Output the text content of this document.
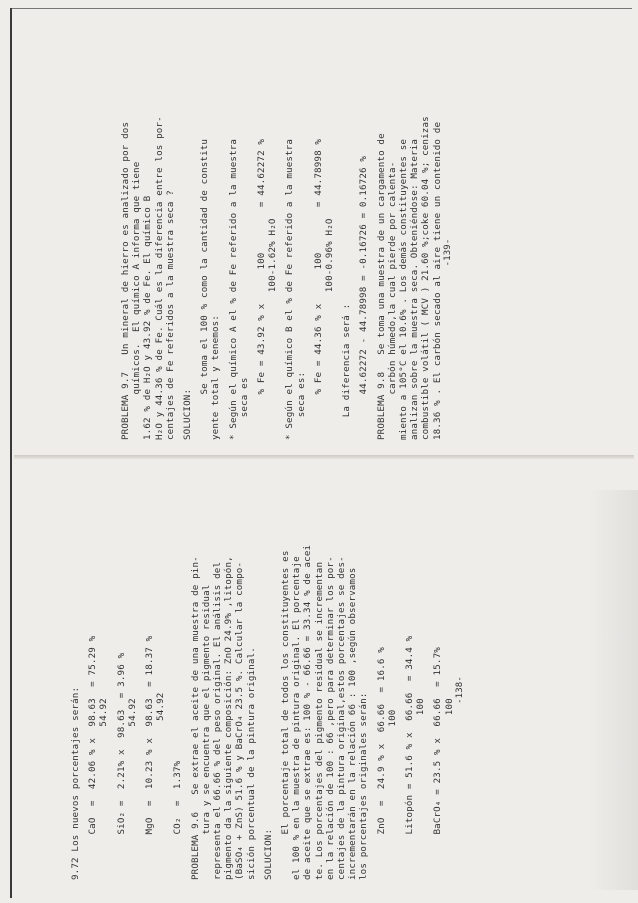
PROBLEMA 9.7   Un mineral de hierro es analizado por dos químicos.  El químico A informa que tiene 1.62 % de H₂O y 43.92 % de Fe. El químico B H₂O y 44.36 % de Fe. Cuál es la diferencia entre los por- centajes de Fe referidos a la muestra seca ? SOLUCION: Se toma el 100 % como la cantidad de constitu yente total y tenemos: * Según el químico A el % de Fe referido a la muestra seca es % Fe = 43.92 % x      100        = 44.62272 % 100-1.62% H₂O * Según el químico B el % de Fe referido a la muestra seca es: % Fe = 44.36 % x      100        = 44.78998 % 100-0.96% H₂O La diferencia será : 44.62272 - 44.78998 = -0.16726 = 0.16726 % PROBLEMA 9.8   Se toma una muestra de un cargamento de carbón húmedo,la cual pierde por calenta- miento a 105°C el 10.6% . Los demás constituyentes se analizan sobre la muestra seca. Obteniéndose: Materia combustible volátil ( MCV ) 21.60 %;coke 60.04 %; cenizas 18.36 % . El carbón secado al aire tiene un contenido de -139-
9.72 Los nuevos porcentajes serán: CaO  =  42.06 % x  98.63  = 75.29 % 54.92 SiO₂ =  2.21% x  98.63  = 3.96 % 54.92 MgO  =  10.23 % x  98.63  = 18.37 % 54.92 CO₂  =  1.37% PROBLEMA 9.6   Se extrae el aceite de una muestra de pin- tura y se encuentra que el pigmento residual representa el 66.66 % del peso original. El análisis del pigmento da la siguiente composición: ZnO 24.9% ,litopón, (BaSO₄ + ZnS) 51.6 % y BaCrO₄ 23.5 %. Calcular la compo- sición porcentual de la pintura original. SOLUCION: El porcentaje total de todos los constituyentes es el 100 % en la muestra de pintura original. El porcentaje de aceite que se extrae es: 100 % - 66.66 = 33.34 % de acei te. Los porcentajes del pigmento residual se incrementan en la relación de 100 : 66 ,pero para determinar los por- centajes de la pintura original,estos porcentajes se des- incrementarán en la relación 66 : 100 ,según observamos los porcentajes originales serán: ZnO  =  24.9 % x  66.66  = 16.6 % 100 Litopón = 51.6 % x  66.66  = 34.4 % 100 BaCrO₄ = 23.5 % x  66.66  = 15.7% 100
-138-
